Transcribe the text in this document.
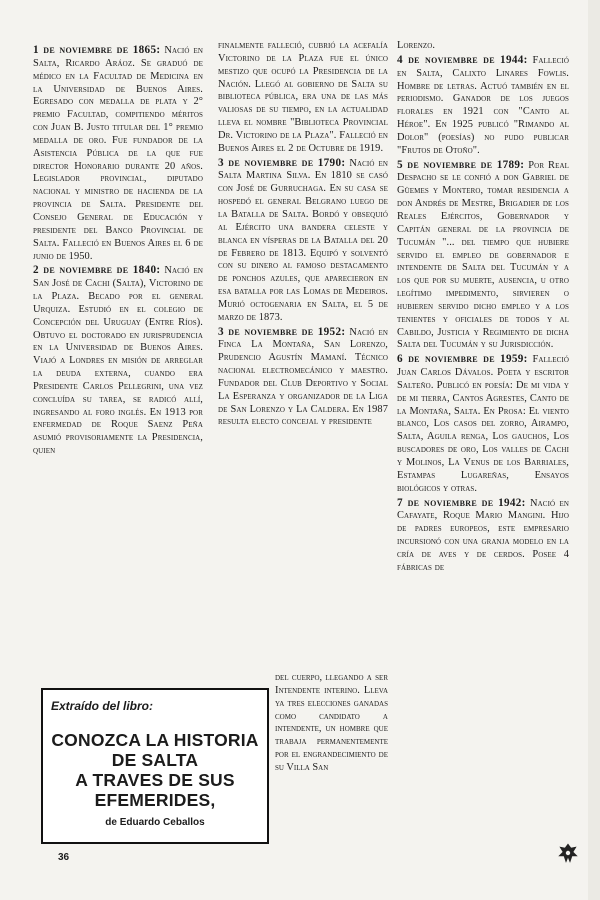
1 de noviembre de 1865: Nació en Salta, Ricardo Aráoz. Se graduó de médico en la Facultad de Medicina en la Universidad de Buenos Aires. Egresado con medalla de plata y 2° premio Facultad, compitiendo méritos con Juan B. Justo titular del 1° premio medalla de oro. Fue fundador de la Asistencia Pública de la que fue director Honorario durante 20 años. Legislador provincial, diputado nacional y ministro de hacienda de la provincia de Salta. Presidente del Consejo General de Educación y presidente del Banco Provincial de Salta. Falleció en Buenos Aires el 6 de junio de 1950.
2 de noviembre de 1840: Nació en San José de Cachi (Salta), Victorino de la Plaza. Becado por el general Urquiza. Estudió en el colegio de Concepción del Uruguay (Entre Ríos). Obtuvo el doctorado en jurisprudencia en la Universidad de Buenos Aires. Viajó a Londres en misión de arreglar la deuda externa, cuando era Presidente Carlos Pellegrini, una vez concluída su tarea, se radicó allí, ingresando al foro inglés. En 1913 por enfermedad de Roque Saenz Peña asumió provisoriamente la Presidencia, quien
finalmente falleció, cubrió la acefalía Victorino de la Plaza fue el único mestizo que ocupó la Presidencia de la Nación. Llegó al gobierno de Salta su biblioteca pública, era una de las más valiosas de su tiempo, en la actualidad lleva el nombre "Biblioteca Provincial Dr. Victorino de la Plaza". Falleció en Buenos Aires el 2 de Octubre de 1919.
3 de noviembre de 1790: Nació en Salta Martina Silva. En 1810 se casó con José de Gurruchaga. En su casa se hospedó el general Belgrano luego de la Batalla de Salta. Bordó y obsequió al Ejército una bandera celeste y blanca en vísperas de la Batalla del 20 de Febrero de 1813. Equipó y solventó con su dinero al famoso destacamento de ponchos azules, que aparecieron en esa batalla por las Lomas de Medeiros. Murió octogenaria en Salta, el 5 de marzo de 1873.
3 de noviembre de 1952: Nació en Finca La Montaña, San Lorenzo, Prudencio Agustín Mamaní. Técnico nacional electromecánico y maestro. Fundador del Club Deportivo y Social La Esperanza y organizador de la Liga de San Lorenzo y La Caldera. En 1987 resulta electo concejal y presidente
del cuerpo, llegando a ser Intendente interino. Lleva ya tres elecciones ganadas como candidato a intendente, un hombre que trabaja permanentemente por el engrandecimiento de su Villa San
Lorenzo.
4 de noviembre de 1944: Falleció en Salta, Calixto Linares Fowlis. Hombre de letras. Actuó también en el periodismo. Ganador de los juegos florales en 1921 con "Canto al Héroe". En 1925 publicó "Rimando al Dolor" (poesías) no pudo publicar "Frutos de Otoño".
5 de noviembre de 1789: Por Real Despacho se le confió a don Gabriel de Güemes y Montero, tomar residencia a don Andrés de Mestre, Brigadier de los Reales Ejércitos, Gobernador y Capitán general de la provincia de Tucumán "... del tiempo que hubiere servido el empleo de gobernador e intendente de Salta del Tucumán y a los que por su muerte, ausencia, u otro legítimo impedimento, sirvieren o hubieren servido dicho empleo y a los tenientes y oficiales de todos y al Cabildo, Justicia y Regimiento de dicha Salta del Tucumán y su Jurisdicción.
6 de noviembre de 1959: Falleció Juan Carlos Dávalos. Poeta y escritor Salteño. Publicó en poesía: De mi vida y de mi tierra, Cantos Agrestes, Canto de la Montaña, Salta. En Prosa: El viento blanco, Los casos del zorro, Airampo, Salta, Aguila renga, Los gauchos, Los buscadores de oro, Los valles de Cachi y Molinos, La Venus de los Barriales, Estampas Lugareñas, Ensayos biológicos y otras.
7 de noviembre de 1942: Nació en Cafayate, Roque Mario Mangini. Hijo de padres europeos, este empresario incursionó con una granja modelo en la cría de aves y de cerdos. Posee 4 fábricas de
Extraído del libro:
CONOZCA LA HISTORIA
DE SALTA
A TRAVES DE SUS
EFEMERIDES,
de Eduardo Ceballos
36
